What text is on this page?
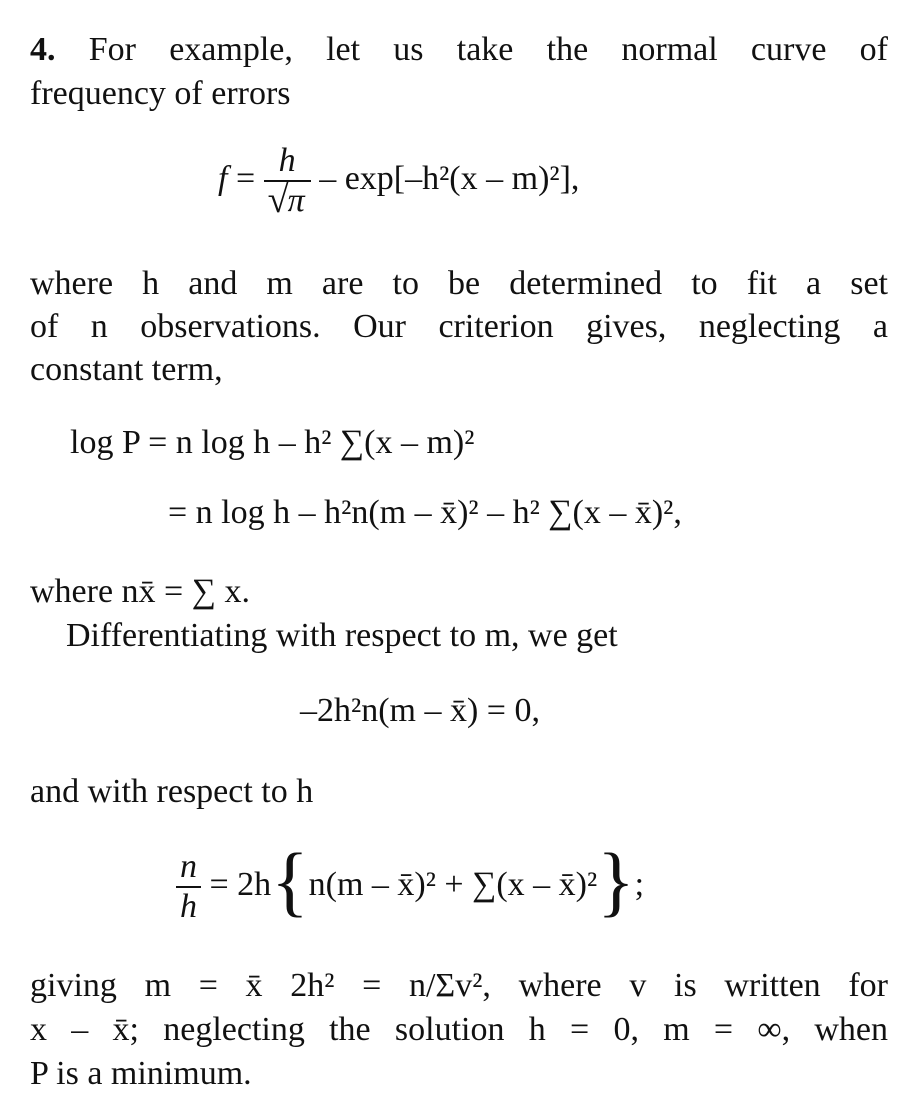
4. For example, let us take the normal curve of
frequency of errors
$f = \frac{h}{√ \pi} - \exp[-h^2(x - m)^2]$,
where h and m are to be determined to fit a set
of n observations. Our criterion gives, neglecting a
constant term,
log P = n log h – h² ∑(x – m)²
= n log h – h²n(m – x̄)² – h² ∑(x – x̄)²,
where nx̄ = ∑ x.
Differentiating with respect to m, we get
–2h²n(m – x̄) = 0,
and with respect to h
$\frac{n}{h} = 2h\{n(m$ – x̄)² + ∑(x – x̄)²};
giving m = x̄ 2h² = n/Σv², where v is written for
x – x̄; neglecting the solution h = 0, m = ∞, when
P is a minimum.
